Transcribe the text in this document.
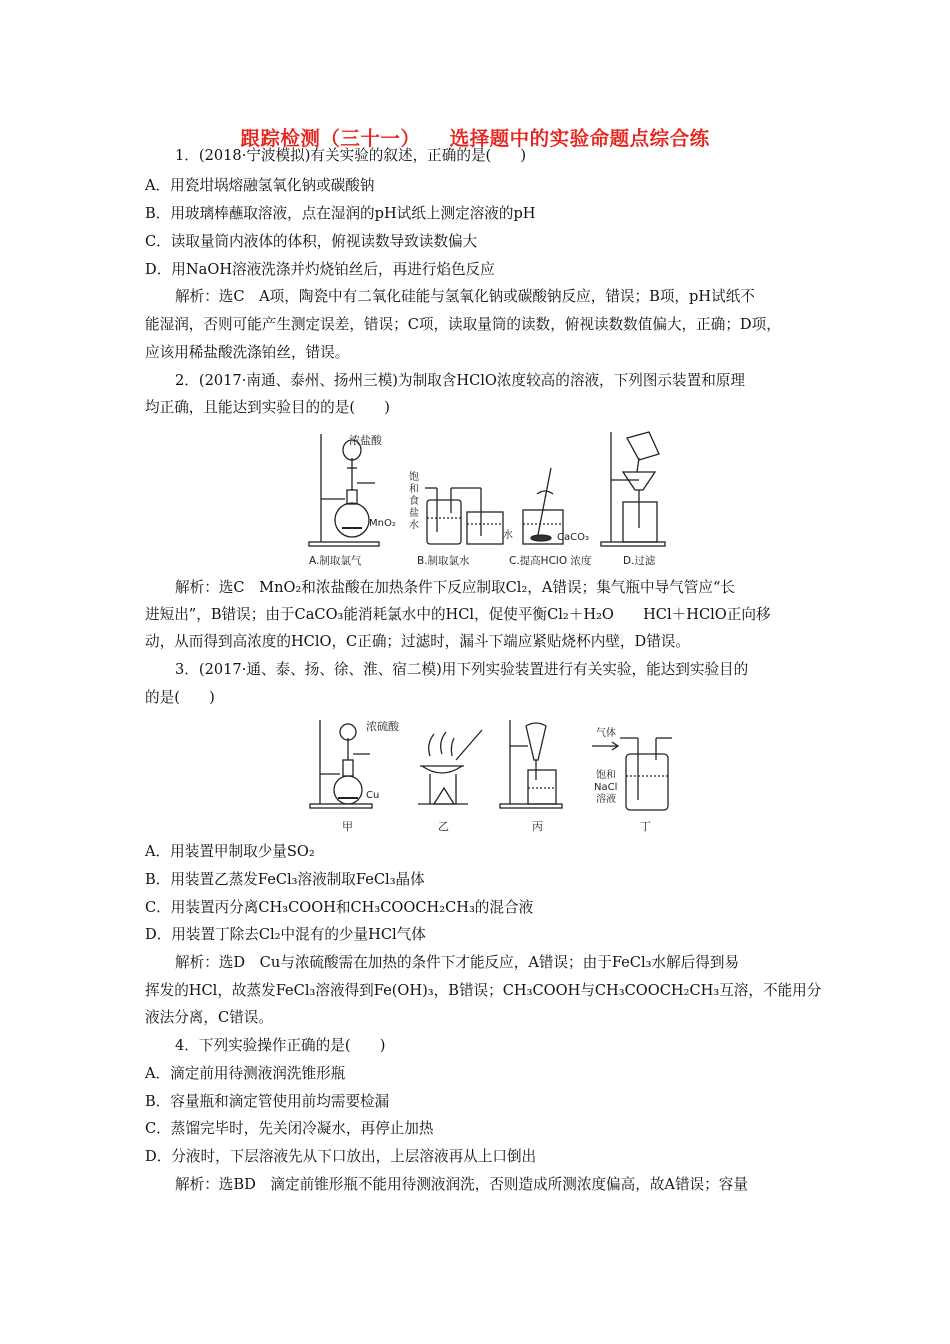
跟踪检测（三十一）    选择题中的实验命题点综合练
1．(2018·宁波模拟)有关实验的叙述，正确的是(　　)
A．用瓷坩埚熔融氢氧化钠或碳酸钠
B．用玻璃棒蘸取溶液，点在湿润的pH试纸上测定溶液的pH
C．读取量筒内液体的体积，俯视读数导致读数偏大
D．用NaOH溶液洗涤并灼烧铂丝后，再进行焰色反应
解析：选C　A项，陶瓷中有二氧化硅能与氢氧化钠或碳酸钠反应，错误；B项，pH试纸不
能湿润，否则可能产生测定误差，错误；C项，读取量筒的读数，俯视读数数值偏大，正确；D项，
应该用稀盐酸洗涤铂丝，错误。
2．(2017·南通、泰州、扬州三模)为制取含HClO浓度较高的溶液，下列图示装置和原理
均正确，且能达到实验目的的是(　　)
浓盐酸
MnO₂
饱和食盐水
水	CaCO₃
A.制取氯气	B.制取氯水	C.提高HClO 浓度	D.过滤
解析：选C　MnO₂和浓盐酸在加热条件下反应制取Cl₂，A错误；集气瓶中导气管应“长
进短出”，B错误；由于CaCO₃能消耗氯水中的HCl，促使平衡Cl₂＋H₂O　　HCl＋HClO正向移
动，从而得到高浓度的HClO，C正确；过滤时，漏斗下端应紧贴烧杯内壁，D错误。
3．(2017·通、泰、扬、徐、淮、宿二模)用下列实验装置进行有关实验，能达到实验目的
的是(　　)
浓硫酸
Cu
气体
饱和
NaCl
溶液
甲	乙	丙	丁
A．用装置甲制取少量SO₂
B．用装置乙蒸发FeCl₃溶液制取FeCl₃晶体
C．用装置丙分离CH₃COOH和CH₃COOCH₂CH₃的混合液
D．用装置丁除去Cl₂中混有的少量HCl气体
解析：选D　Cu与浓硫酸需在加热的条件下才能反应，A错误；由于FeCl₃水解后得到易
挥发的HCl，故蒸发FeCl₃溶液得到Fe(OH)₃，B错误；CH₃COOH与CH₃COOCH₂CH₃互溶，不能用分
液法分离，C错误。
4．下列实验操作正确的是(　　)
A．滴定前用待测液润洗锥形瓶
B．容量瓶和滴定管使用前均需要检漏
C．蒸馏完毕时，先关闭冷凝水，再停止加热
D．分液时，下层溶液先从下口放出，上层溶液再从上口倒出
解析：选BD　滴定前锥形瓶不能用待测液润洗，否则造成所测浓度偏高，故A错误；容量
